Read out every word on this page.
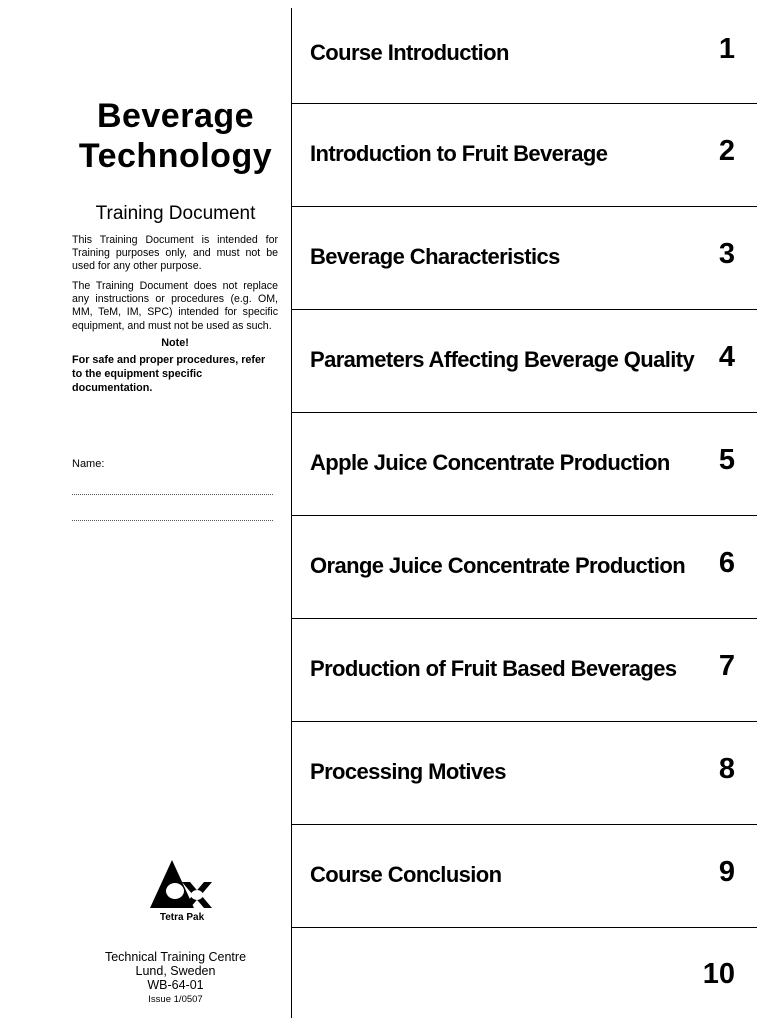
Beverage
Technology
Training Document
This Training Document is intended for Training purposes only, and must not be used for any other purpose.
The Training Document does not replace any instructions or procedures (e.g. OM, MM, TeM, IM, SPC) intended for specific equipment, and must not be used as such.
Note!
For safe and proper procedures, refer to the equipment specific documentation.
Name:
Tetra Pak
Technical Training Centre
Lund, Sweden
WB-64-01
Issue 1/0507
Course Introduction	1
Introduction to Fruit Beverage	2
Beverage Characteristics	3
Parameters Affecting Beverage Quality 4
Apple Juice Concentrate Production 5
Orange Juice Concentrate Production 6
Production of Fruit Based Beverages 7
Processing Motives	8
Course Conclusion	9
10
